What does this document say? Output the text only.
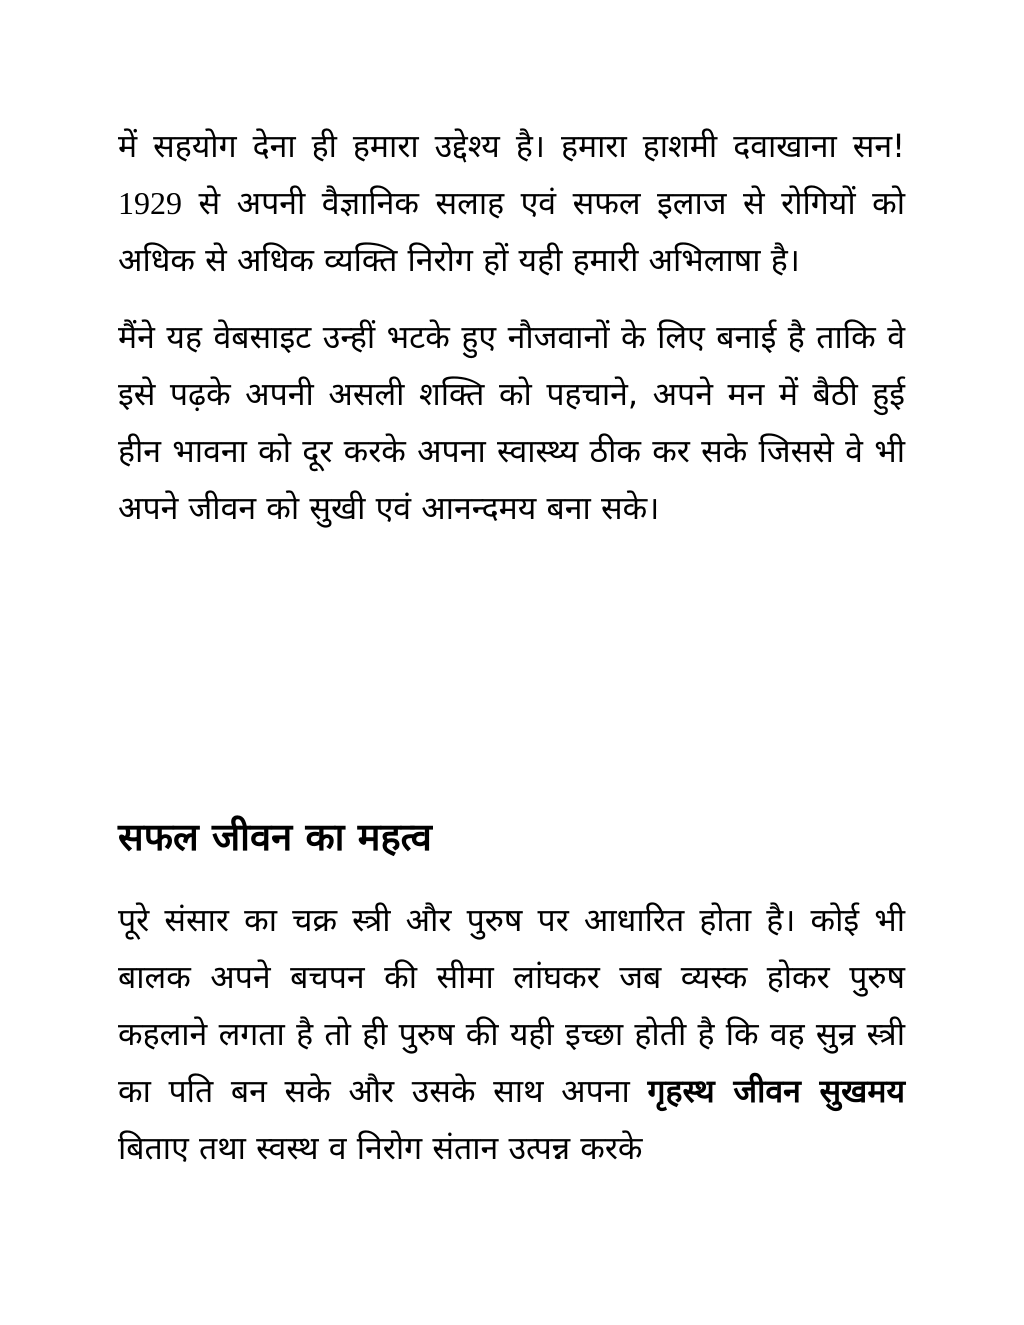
में सहयोग देना ही हमारा उद्देश्य है। हमारा हाशमी दवाखाना सन! 1929 से अपनी वैज्ञानिक सलाह एवं सफल इलाज से रोगियों को अधिक से अधिक व्यक्ति निरोग हों यही हमारी अभिलाषा है।

मैंने यह वेबसाइट उन्हीं भटके हुए नौजवानों के लिए बनाई है ताकि वे इसे पढ़के अपनी असली शक्ति को पहचाने, अपने मन में बैठी हुई हीन भावना को दूर करके अपना स्वास्थ्य ठीक कर सके जिससे वे भी अपने जीवन को सुखी एवं आनन्दमय बना सके।

सफल जीवन का महत्व

पूरे संसार का चक्र स्त्री और पुरुष पर आधारित होता है। कोई भी बालक अपने बचपन की सीमा लांघकर जब व्यस्क होकर पुरुष कहलाने लगता है तो ही पुरुष की यही इच्छा होती है कि वह सुन्र स्त्री का पति बन सके और उसके साथ अपना गृहस्थ जीवन सुखमय बिताए तथा स्वस्थ व निरोग संतान उत्पन्न करके
